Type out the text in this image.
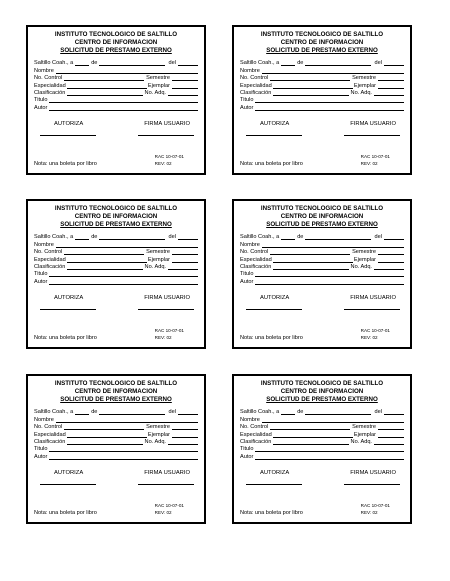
INSTITUTO TECNOLOGICO DE SALTILLO
CENTRO DE INFORMACION
SOLICITUD DE PRESTAMO EXTERNO
Saltillo Coah., a	de	del
Nombre
No. Control	Semestre
Especialidad	Ejemplar
Clasificación	No. Adq.
Titulo
Autor
AUTORIZA	FIRMA USUARIO
Nota: una boleta por libro
RAC 10-07-01
REV: 02
INSTITUTO TECNOLOGICO DE SALTILLO
CENTRO DE INFORMACION
SOLICITUD DE PRESTAMO EXTERNO
Saltillo Coah., a	de	del
Nombre
No. Control	Semestre
Especialidad	Ejemplar
Clasificación	No. Adq.
Titulo
Autor
AUTORIZA	FIRMA USUARIO
Nota: una boleta por libro
RAC 10-07-01
REV: 02
INSTITUTO TECNOLOGICO DE SALTILLO
CENTRO DE INFORMACION
SOLICITUD DE PRESTAMO EXTERNO
Saltillo Coah., a	de	del
Nombre
No. Control	Semestre
Especialidad	Ejemplar
Clasificación	No. Adq.
Titulo
Autor
AUTORIZA	FIRMA USUARIO
Nota: una boleta por libro
RAC 10-07-01
REV: 02
INSTITUTO TECNOLOGICO DE SALTILLO
CENTRO DE INFORMACION
SOLICITUD DE PRESTAMO EXTERNO
Saltillo Coah., a	de	del
Nombre
No. Control	Semestre
Especialidad	Ejemplar
Clasificación	No. Adq.
Titulo
Autor
AUTORIZA	FIRMA USUARIO
Nota: una boleta por libro
RAC 10-07-01
REV: 02
INSTITUTO TECNOLOGICO DE SALTILLO
CENTRO DE INFORMACION
SOLICITUD DE PRESTAMO EXTERNO
Saltillo Coah., a	de	del
Nombre
No. Control	Semestre
Especialidad	Ejemplar
Clasificación	No. Adq.
Titulo
Autor
AUTORIZA	FIRMA USUARIO
Nota: una boleta por libro
RAC 10-07-01
REV: 02
INSTITUTO TECNOLOGICO DE SALTILLO
CENTRO DE INFORMACION
SOLICITUD DE PRESTAMO EXTERNO
Saltillo Coah., a	de	del
Nombre
No. Control	Semestre
Especialidad	Ejemplar
Clasificación	No. Adq.
Titulo
Autor
AUTORIZA	FIRMA USUARIO
Nota: una boleta por libro
RAC 10-07-01
REV: 02
